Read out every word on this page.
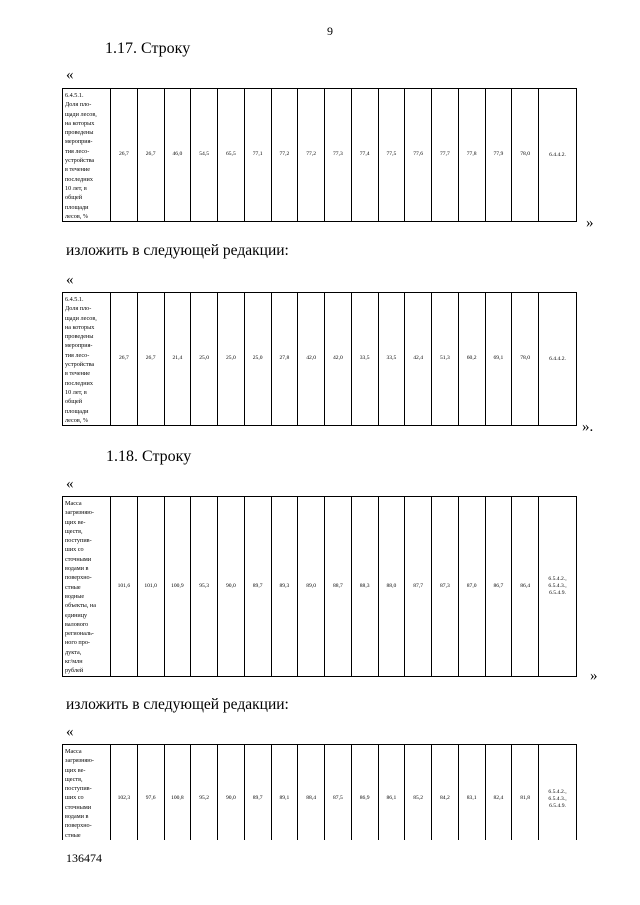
9
1.17. Строку
«
6.4.5.1.
Доля пло-
щади лесов,
на которых
проведены
мероприя-
тия лесо-
устройства
в течение
последних
10 лет, в
общей
площади
лесов, %	26,7	26,7	46,0	54,5	65,5	77,1	77,2	77,2	77,3	77,4	77,5	77,6	77,7	77,8	77,9	78,0	6.4.4.2.
»
изложить в следующей редакции:
«
6.4.5.1.
Доля пло-
щади лесов,
на которых
проведены
мероприя-
тия лесо-
устройства
в течение
последних
10 лет, в
общей
площади
лесов, %	26,7	26,7	21,4	25,0	25,0	25,0	27,8	42,0	42,0	33,5	33,5	42,4	51,3	60,2	69,1	78,0	6.4.4.2.
».
1.18. Строку
«
Масса
загрязняю-
щих ве-
ществ,
поступив-
ших со
сточными
водами в
поверхно-
стные
водные
объекты, на
единицу
валового
региональ-
ного про-
дукта,
кг/млн
рублей	101,6	101,0	100,9	95,3	90,0	89,7	89,3	89,0	88,7	88,3	88,0	87,7	87,3	87,0	86,7	86,4	6.5.4.2.,
6.5.4.3.,
6.5.4.9.
»
изложить в следующей редакции:
«
Масса
загрязняю-
щих ве-
ществ,
поступив-
ших со
сточными
водами в
поверхно-
стные	102,3	97,6	100,8	95,2	90,0	89,7	89,1	88,4	87,5	86,9	86,1	85,2	84,2	83,1	82,4	81,8	6.5.4.2.,
6.5.4.3.,
6.5.4.9.
136474
